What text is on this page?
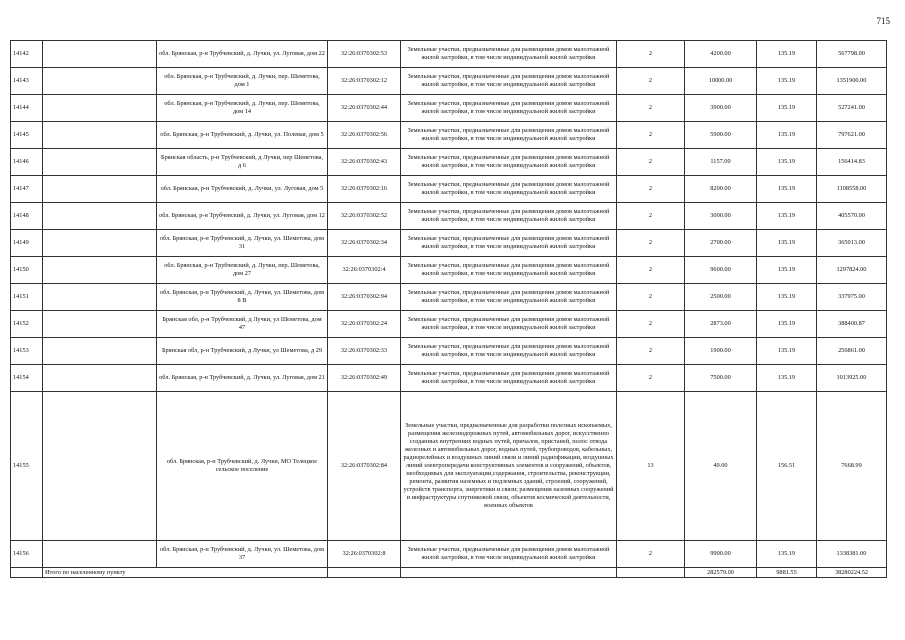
715
14142		обл. Брянская, р-н Трубчевский, д. Лучки, ул. Луговая, дом 22	32:26:0370302:53	Земельные участки, предназначенные для размещения домов малоэтажной жилой застройки, в том числе индивидуальной жилой застройки	2	4200.00	135.19	567798.00
14143		обл. Брянская, р-н Трубчевский, д. Лучки, пер. Шеметова, дом 1	32:26:0370302:12	Земельные участки, предназначенные для размещения домов малоэтажной жилой застройки, в том числе индивидуальной жилой застройки	2	10000.00	135.19	1351900.00
14144		обл. Брянская, р-н Трубчевский, д. Лучки, пер. Шеметова, дом 14	32:26:0370302:44	Земельные участки, предназначенные для размещения домов малоэтажной жилой застройки, в том числе индивидуальной жилой застройки	2	3900.00	135.19	527241.00
14145		обл. Брянская, р-н Трубчевский, д. Лучки, ул. Полевая, дом 5	32:26:0370302:56	Земельные участки, предназначенные для размещения домов малоэтажной жилой застройки, в том числе индивидуальной жилой застройки	2	5900.00	135.19	797621.00
14146		Брянская область, р-н Трубчевский, д Лучки, пер Шеметова, д 6	32:26:0370302:43	Земельные участки, предназначенные для размещения домов малоэтажной жилой застройки, в том числе индивидуальной жилой застройки	2	1157.00	135.19	156414.83
14147		обл. Брянская, р-н Трубчевский, д. Лучки, ул. Луговая, дом 5	32:26:0370302:16	Земельные участки, предназначенные для размещения домов малоэтажной жилой застройки, в том числе индивидуальной жилой застройки	2	8200.00	135.19	1108558.00
14148		обл. Брянская, р-н Трубчевский, д. Лучки, ул. Луговая, дом 12	32:26:0370302:52	Земельные участки, предназначенные для размещения домов малоэтажной жилой застройки, в том числе индивидуальной жилой застройки	2	3000.00	135.19	405570.00
14149		обл. Брянская, р-н Трубчевский, д. Лучки, ул. Шеметова, дом 31	32:26:0370302:34	Земельные участки, предназначенные для размещения домов малоэтажной жилой застройки, в том числе индивидуальной жилой застройки	2	2700.00	135.19	365013.00
14150		обл. Брянская, р-н Трубчевский, д. Лучки, пер. Шеметова, дом 27	32:26:0370302:4	Земельные участки, предназначенные для размещения домов малоэтажной жилой застройки, в том числе индивидуальной жилой застройки	2	9600.00	135.19	1297824.00
14151		обл. Брянская, р-н Трубчевский, д. Лучки, ул. Шеметова, дом 8 В	32:26:0370302:94	Земельные участки, предназначенные для размещения домов малоэтажной жилой застройки, в том числе индивидуальной жилой застройки	2	2500.00	135.19	337975.00
14152		Брянская обл, р-н Трубчевский, д Лучки, ул Шеметова, дом 47	32:26:0370302:24	Земельные участки, предназначенные для размещения домов малоэтажной жилой застройки, в том числе индивидуальной жилой застройки	2	2873.00	135.19	388400.87
14153		Брянская обл, р-н Трубчевский, д Лучки, ул Шеметова, д 29	32:26:0370302:33	Земельные участки, предназначенные для размещения домов малоэтажной жилой застройки, в том числе индивидуальной жилой застройки	2	1900.00	135.19	256861.00
14154		обл. Брянская, р-н Трубчевский, д. Лучки, ул. Луговая, дом 21	32:26:0370302:49	Земельные участки, предназначенные для размещения домов малоэтажной жилой застройки, в том числе индивидуальной жилой застройки	2	7500.00	135.19	1013925.00
14155		обл. Брянская, р-н Трубчевский, д. Лучки, МО Телецкое сельское поселение	32:26:0370302:84	Земельные участки, предназначенные для разработки полезных ископаемых, размещения железнодорожных путей, автомобильных дорог, искусственно созданных внутренних водных путей, причалов, пристаней, полос отвода железных и автомобильных дорог, водных путей, трубопроводов, кабельных, радиорелейных и воздушных линий связи и линий радиофикации, воздушных линий электропередачи конструктивных элементов и сооружений, объектов, необходимых для эксплуатации,содержания, строительства, реконструкции, ремонта, развития наземных и подземных зданий, строений, сооружений, устройств транспорта, энергетики и связи; размещения наземных сооружений и инфраструктуры спутниковой связи, объектов космической деятельности, военных объектов	13	49.00	156.51	7668.99
14156		обл. Брянская, р-н Трубчевский, д. Лучки, ул. Шеметова, дом 37	32:26:0370302:8	Земельные участки, предназначенные для размещения домов малоэтажной жилой застройки, в том числе индивидуальной жилой застройки	2	9900.00	135.19	1338381.00
	Итого по населенному пункту					282579.00	9881.55	38280224.52
